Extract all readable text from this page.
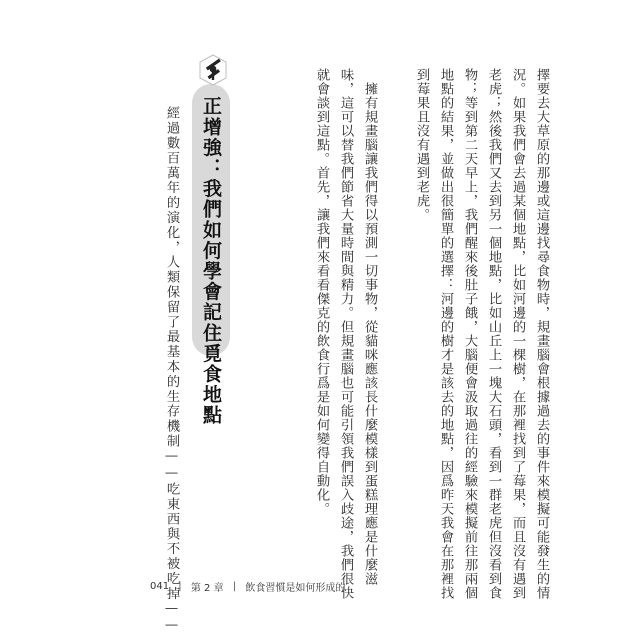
擇要去大草原的那邊或這邊找尋食物時，規畫腦會根據過去的事件來模擬可能發生的情
況。如果我們會去過某個地點，比如河邊的一棵樹，在那裡找到了莓果，而且沒有遇到
老虎；然後我們又去到另一個地點，比如山丘上一塊大石頭，看到一群老虎但沒看到食
物；等到第二天早上，我們醒來後肚子餓，大腦便會汲取過往的經驗來模擬前往那兩個
地點的結果，並做出很簡單的選擇：河邊的樹才是該去的地點，因爲昨天我會在那裡找
到莓果且沒有遇到老虎。
　擁有規畫腦讓我們得以預測一切事物，從貓咪應該長什麼模樣到蛋糕理應是什麼滋
味，這可以替我們節省大量時間與精力。但規畫腦也可能引領我們誤入歧途，我們很快
就會談到這點。首先，讓我們來看看傑克的飲食行爲是如何變得自動化。
正增強：我們如何學會記住覓食地點
經過數百萬年的演化，人類保留了最基本的生存機制——吃東西與不被吃掉——
041 | 第 2 章 | 飲食習慣是如何形成的
